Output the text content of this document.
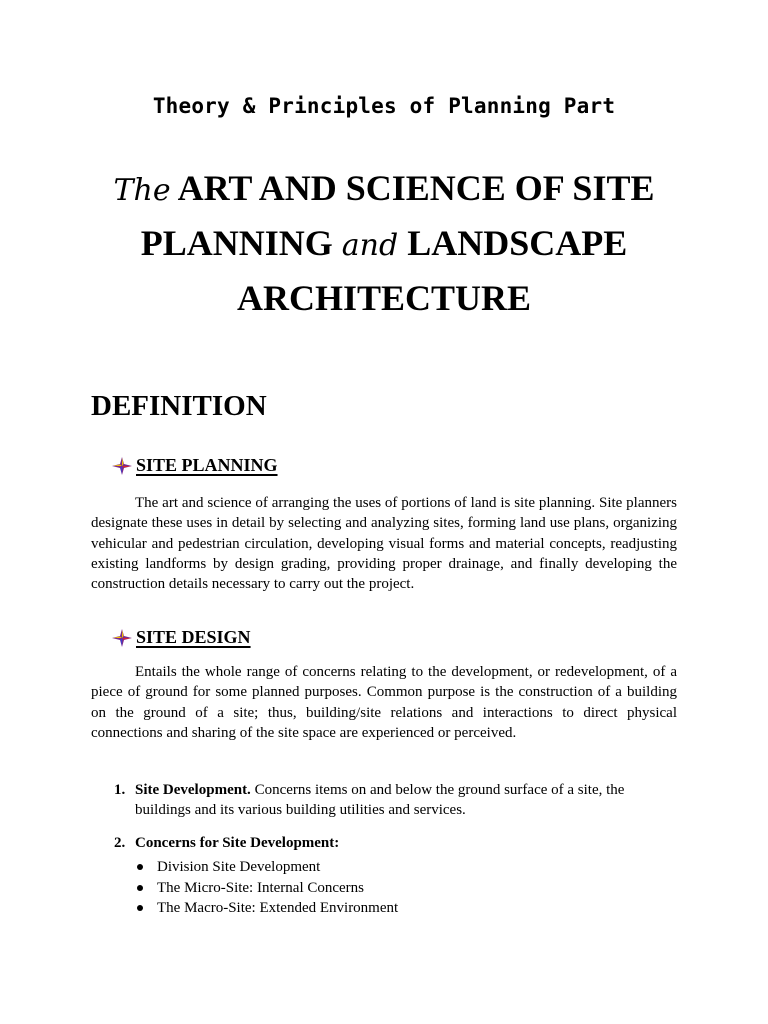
Theory & Principles of Planning Part
The ART AND SCIENCE OF SITE
PLANNING and LANDSCAPE
ARCHITECTURE
DEFINITION
SITE PLANNING

The art and science of arranging the uses of portions of land is site planning. Site planners designate these uses in detail by selecting and analyzing sites, forming land use plans, organizing vehicular and pedestrian circulation, developing visual forms and material concepts, readjusting existing landforms by design grading, providing proper drainage, and finally developing the construction details necessary to carry out the project.

SITE DESIGN

Entails the whole range of concerns relating to the development, or redevelopment, of a piece of ground for some planned purposes. Common purpose is the construction of a building on the ground of a site; thus, building/site relations and interactions to direct physical connections and sharing of the site space are experienced or perceived.

1. Site Development. Concerns items on and below the ground surface of a site, the buildings and its various building utilities and services.
2. Concerns for Site Development:
Division Site Development
The Micro-Site: Internal Concerns
The Macro-Site: Extended Environment
